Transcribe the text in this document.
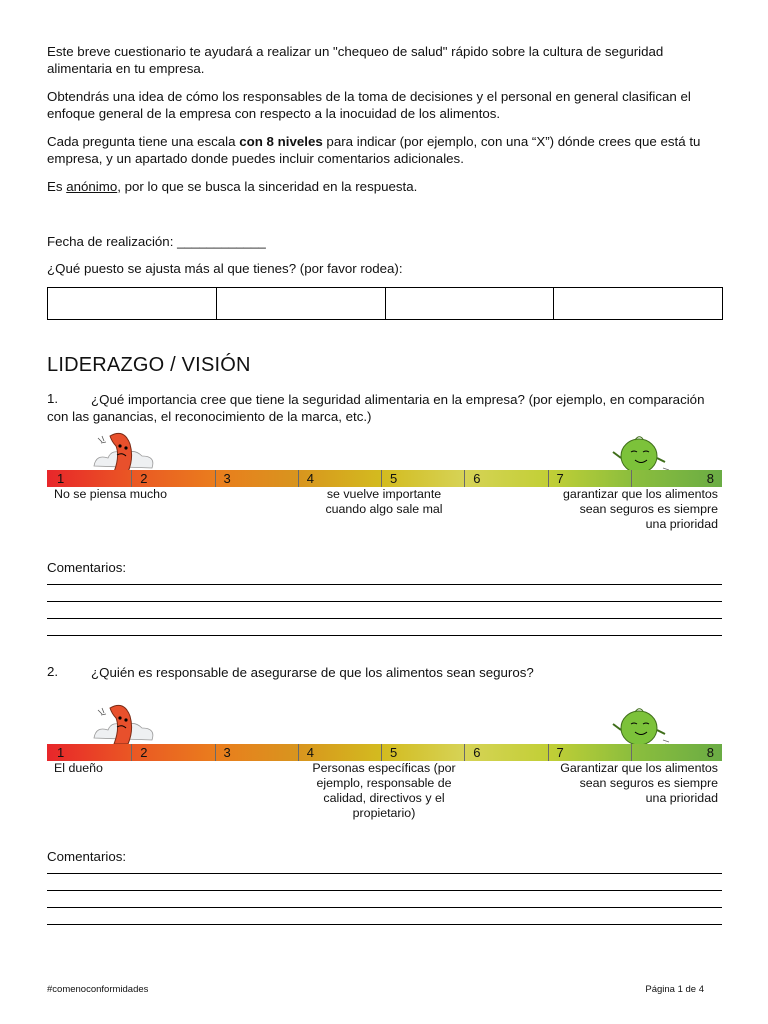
Este breve cuestionario te ayudará a realizar un "chequeo de salud" rápido sobre la cultura de seguridad alimentaria en tu empresa.

Obtendrás una idea de cómo los responsables de la toma de decisiones y el personal en general clasifican el enfoque general de la empresa con respecto a la inocuidad de los alimentos.

Cada pregunta tiene una escala con 8 niveles para indicar (por ejemplo, con una “X”) dónde crees que está tu empresa, y un apartado donde puedes incluir comentarios adicionales.

Es anónimo, por lo que se busca la sinceridad en la respuesta.

Fecha de realización: ____________

¿Qué puesto se ajusta más al que tienes? (por favor rodea):

LIDERAZGO / VISIÓN
1.	¿Qué importancia cree que tiene la seguridad alimentaria en la empresa? (por ejemplo, en comparación con las ganancias, el reconocimiento de la marca, etc.)
1	2	3	4	5	6	7	8
No se piensa mucho	se vuelve importante cuando algo sale mal
garantizar que los alimentos sean seguros es siempre una prioridad
Comentarios:
2.	¿Quién es responsable de asegurarse de que los alimentos sean seguros?
1	2	3	4	5	6	7	8
El dueño	Personas específicas (por ejemplo, responsable de calidad, directivos y el propietario)
Garantizar que los alimentos sean seguros es siempre una prioridad
Comentarios:
#comenoconformidades	Página 1 de 4
